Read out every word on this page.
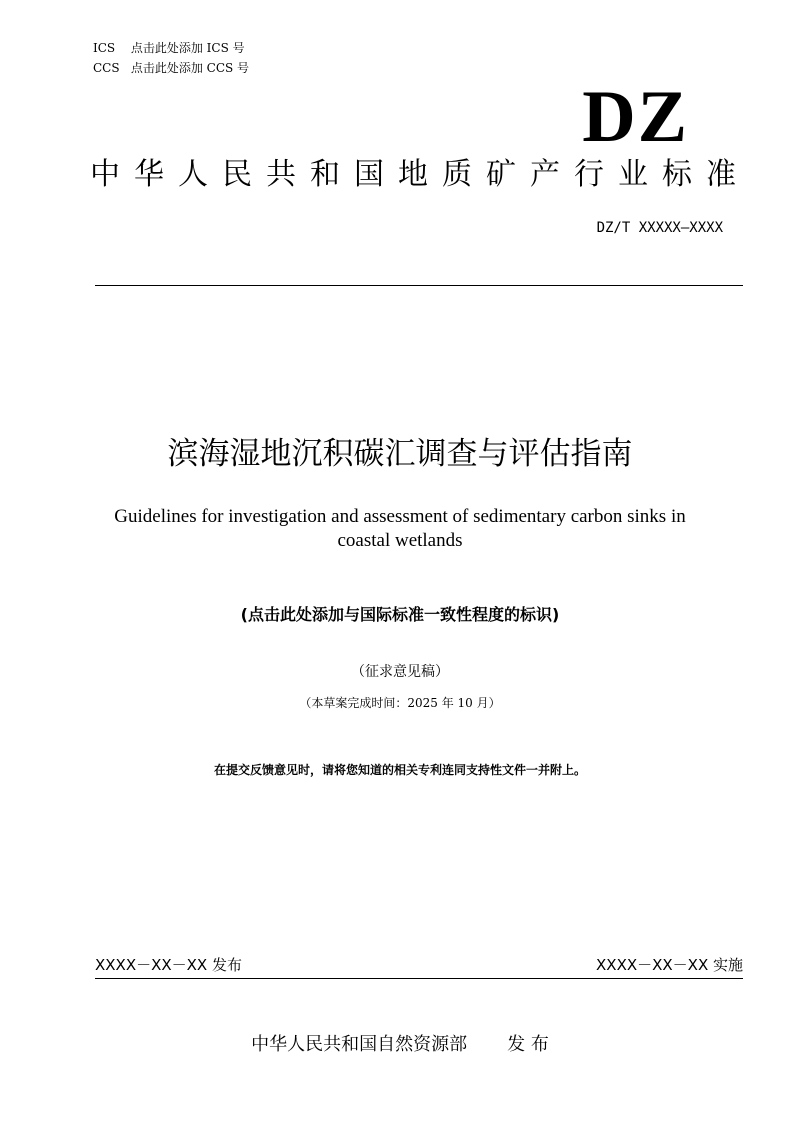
ICS 点击此处添加 ICS 号
CCS 点击此处添加 CCS 号
DZ
中 华 人 民 共 和 国 地 质 矿 产 行 业 标 准
DZ/T XXXXX—XXXX
滨海湿地沉积碳汇调查与评估指南
Guidelines for investigation and assessment of sedimentary carbon sinks in coastal wetlands
(点击此处添加与国际标准一致性程度的标识)
（征求意见稿）
（本草案完成时间：2025 年 10 月）
在提交反馈意见时，请将您知道的相关专利连同支持性文件一并附上。
XXXX－XX－XX 发布	XXXX－XX－XX 实施
中华人民共和国自然资源部 发 布
